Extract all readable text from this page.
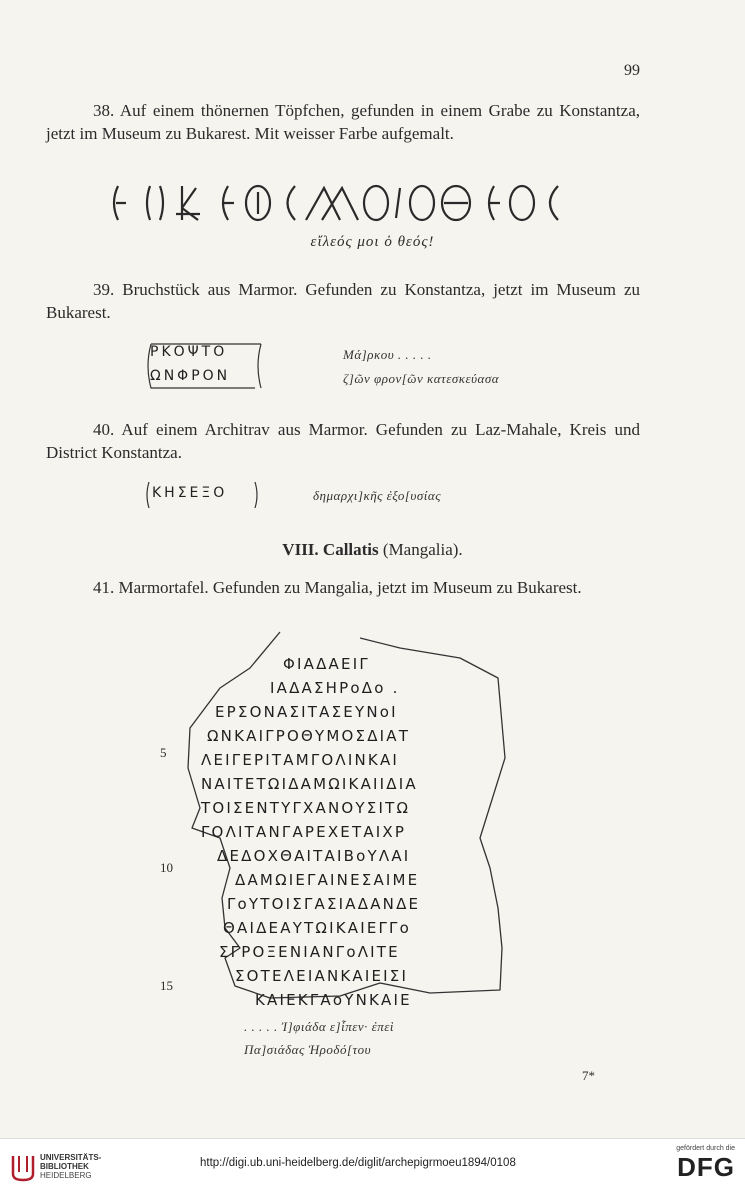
99
38. Auf einem thönernen Töpfchen, gefunden in einem Grabe zu Konstantza, jetzt im Museum zu Bukarest. Mit weisser Farbe aufgemalt.
εἴλεός μοι ὁ θεός!
39. Bruchstück aus Marmor. Gefunden zu Konstantza, jetzt im Museum zu Bukarest.
ΡΚΟΨΤΟ
ΩΝΦΡΟΝ
Μά]ρκου . . . . .
ζ]ῶν φρον[ῶν κατεσκεύασα
40. Auf einem Architrav aus Marmor. Gefunden zu Laz-Mahale, Kreis und District Konstantza.
ΚΗΣΕΞΟ	δημαρχι]κῆς ἐξο[υσίας
VIII. Callatis (Mangalia).
41. Marmortafel. Gefunden zu Mangalia, jetzt im Museum zu Bukarest.
ΦΙΑΔΑΕΙΓ
ΙΑΔΑΣΗΡοΔο .
ΕΡΣΟΝΑΣΙΤΑΣΕΥΝοΙ
ΩΝΚΑΙΓΡΟΘΥΜΟΣΔΙΑΤ
ΛΕΙΓΕΡΙΤΑΜΓΟΛΙΝΚΑΙ
ΝΑΙΤΕΤΩΙΔΑΜΩΙΚΑΙΙΔΙΑ
ΤΟΙΣΕΝΤΥΓΧΑΝΟΥΣΙΤΩ
ΓΟΛΙΤΑΝΓΑΡΕΧΕΤΑΙΧΡ
ΔΕΔΟΧΘΑΙΤΑΙΒοΥΛΑΙ
ΔΑΜΩΙΕΓΑΙΝΕΣΑΙΜΕ
ΓοΥΤΟΙΣΓΑΣΙΑΔΑΝΔΕ
ΘΑΙΔΕΑΥΤΩΙΚΑΙΕΓΓο
ΣΓΡΟΞΕΝΙΑΝΓοΛΙΤΕ
ΣΟΤΕΛΕΙΑΝΚΑΙΕΙΣΙ
ΚΑΙΕΚΓΑοΥΝΚΑΙΕ
5
10
15
. . . . . Ἰ]φιάδα ε]ἶπεν· ἐπεὶ
Πα]σιάδας Ἡροδό[του
7*
UNIVERSITÄTS-
BIBLIOTHEK
HEIDELBERG
http://digi.ub.uni-heidelberg.de/diglit/archepigrmoeu1894/0108
gefördert durch die
DFG
